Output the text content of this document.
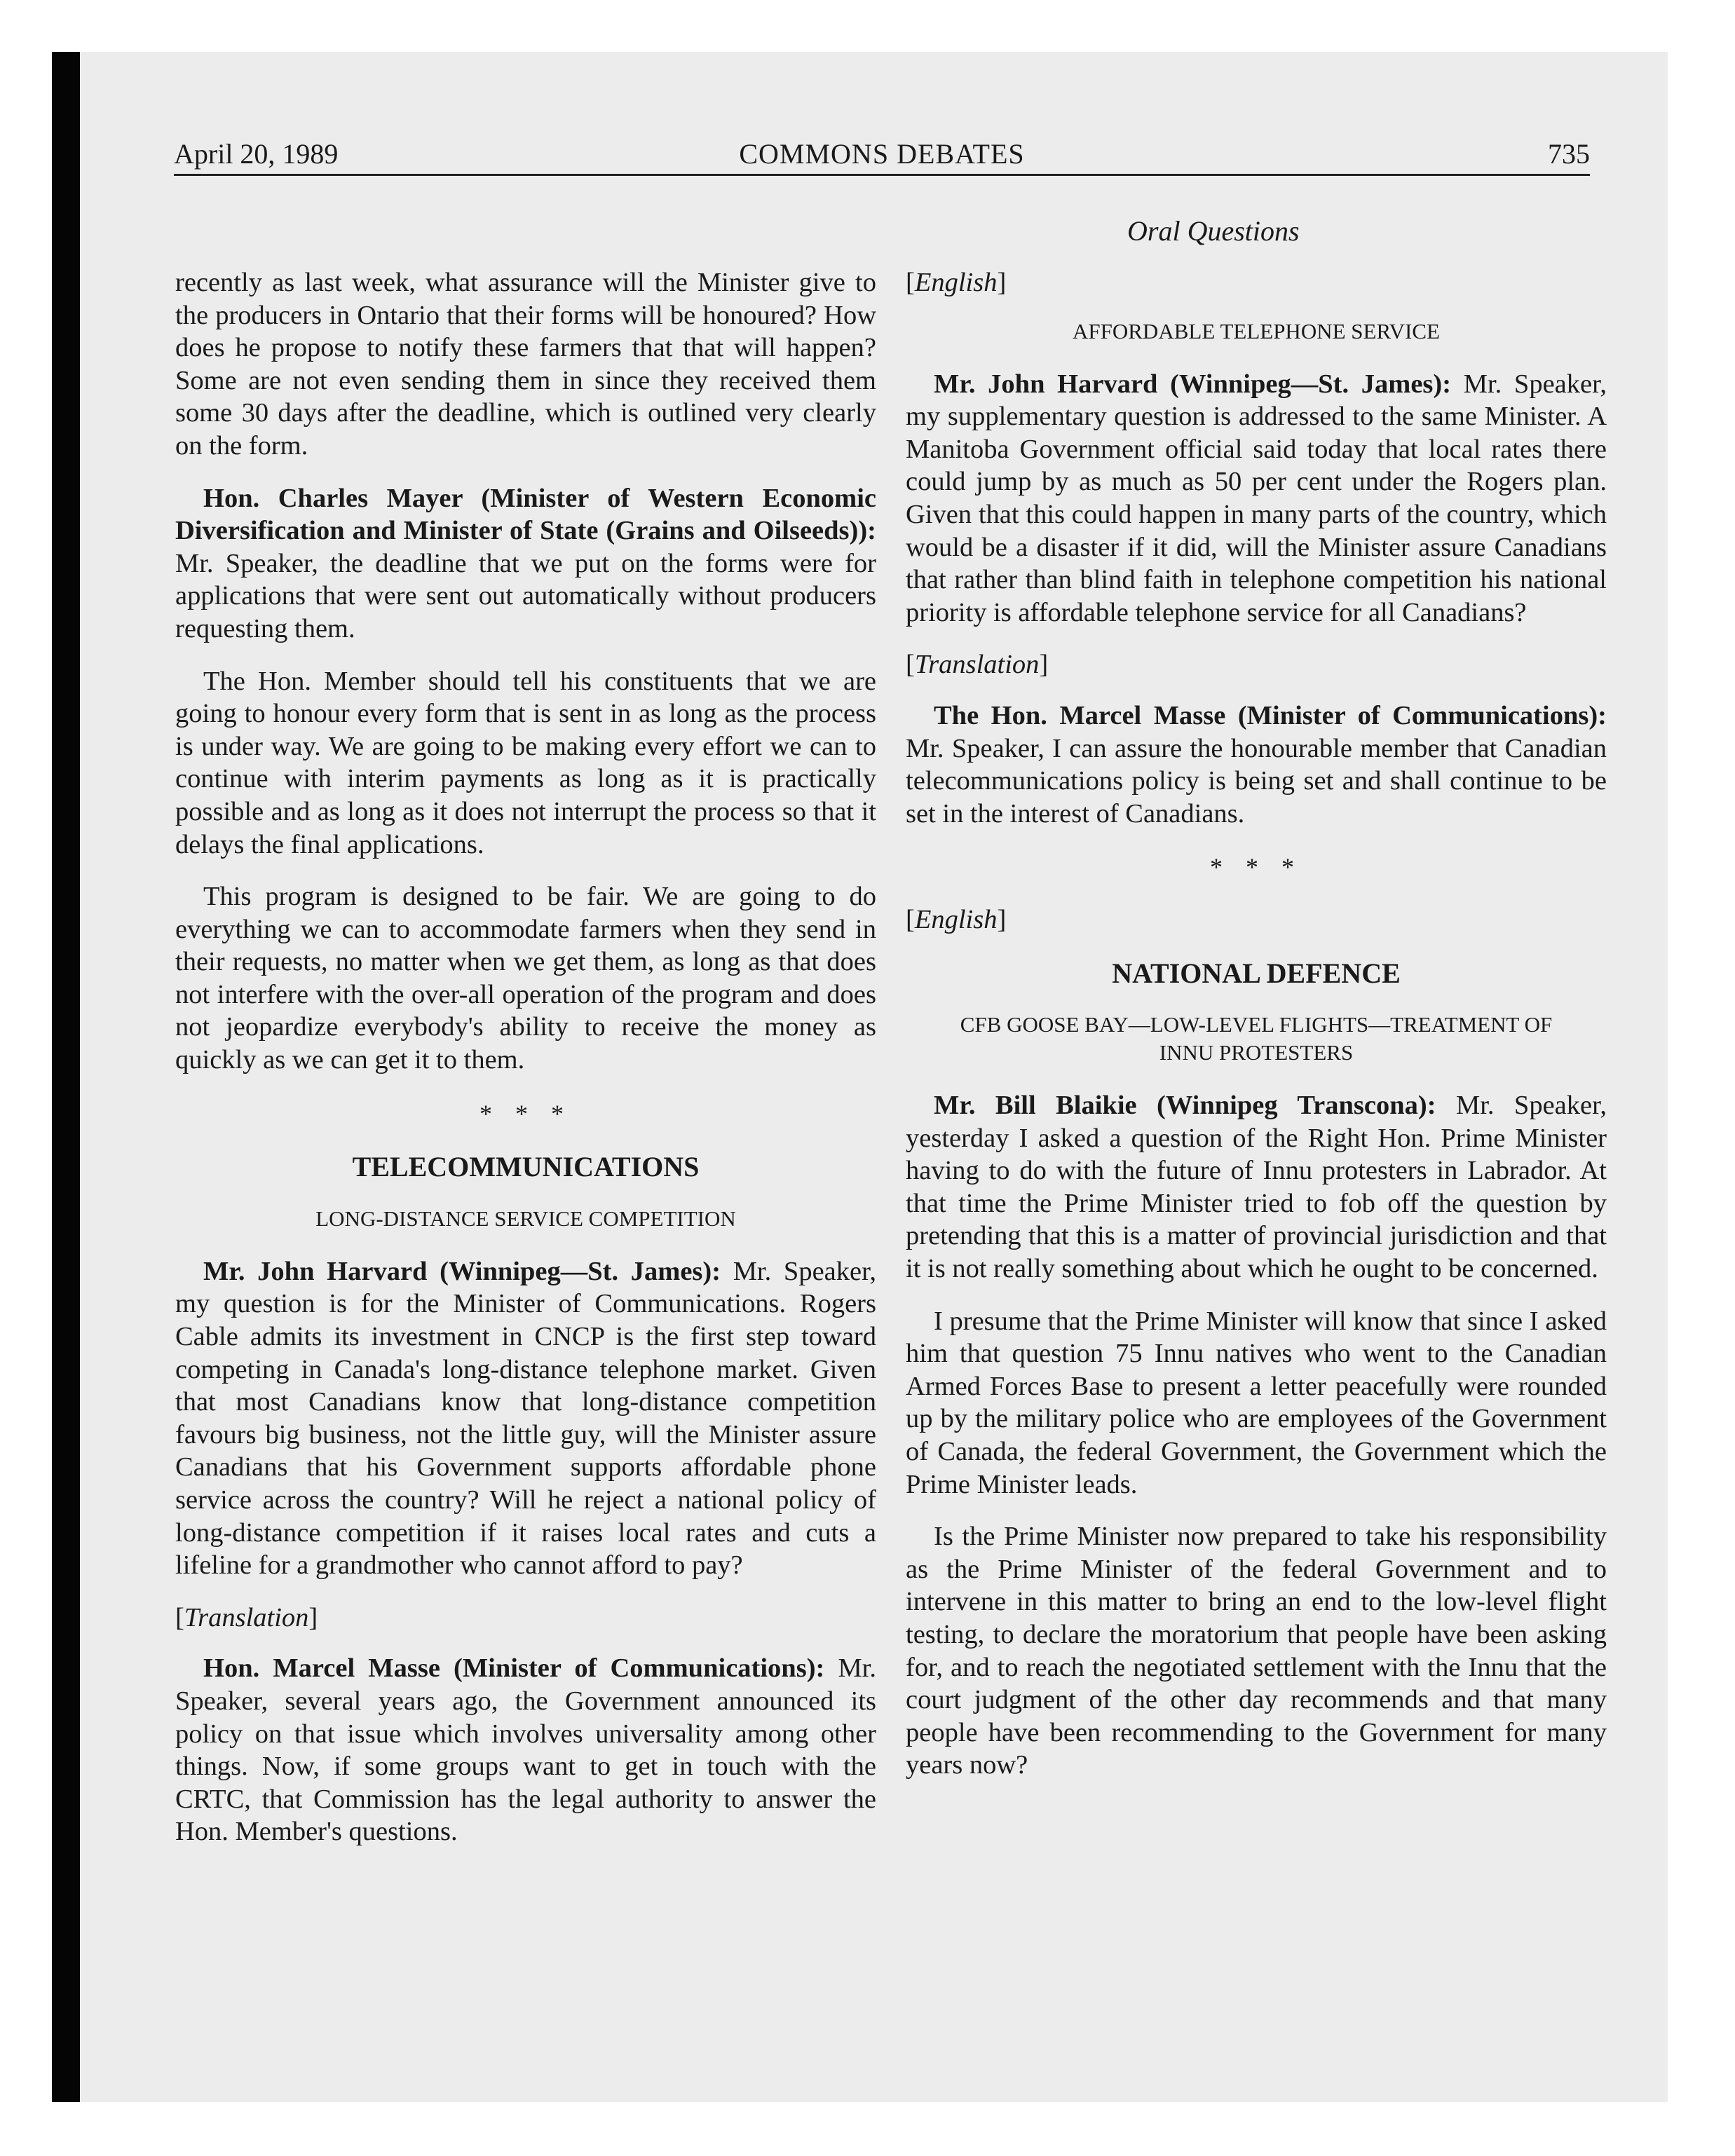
April 20, 1989	COMMONS DEBATES	735
Oral Questions

recently as last week, what assurance will the Minister give to the producers in Ontario that their forms will be honoured? How does he propose to notify these farmers that that will happen? Some are not even sending them in since they received them some 30 days after the deadline, which is outlined very clearly on the form.

Hon. Charles Mayer (Minister of Western Economic Diversification and Minister of State (Grains and Oilseeds)): Mr. Speaker, the deadline that we put on the forms were for applications that were sent out automatically without producers requesting them.

The Hon. Member should tell his constituents that we are going to honour every form that is sent in as long as the process is under way. We are going to be making every effort we can to continue with interim payments as long as it is practically possible and as long as it does not interrupt the process so that it delays the final applications.

This program is designed to be fair. We are going to do everything we can to accommodate farmers when they send in their requests, no matter when we get them, as long as that does not interfere with the over-all operation of the program and does not jeopardize everybody's ability to receive the money as quickly as we can get it to them.

* * *
TELECOMMUNICATIONS
LONG-DISTANCE SERVICE COMPETITION

Mr. John Harvard (Winnipeg—St. James): Mr. Speaker, my question is for the Minister of Communications. Rogers Cable admits its investment in CNCP is the first step toward competing in Canada's long-distance telephone market. Given that most Canadians know that long-distance competition favours big business, not the little guy, will the Minister assure Canadians that his Government supports affordable phone service across the country? Will he reject a national policy of long-distance competition if it raises local rates and cuts a lifeline for a grandmother who cannot afford to pay?

[Translation]

Hon. Marcel Masse (Minister of Communications): Mr. Speaker, several years ago, the Government announced its policy on that issue which involves universality among other things. Now, if some groups want to get in touch with the CRTC, that Commission has the legal authority to answer the Hon. Member's questions.

[English]

AFFORDABLE TELEPHONE SERVICE

Mr. John Harvard (Winnipeg—St. James): Mr. Speaker, my supplementary question is addressed to the same Minister. A Manitoba Government official said today that local rates there could jump by as much as 50 per cent under the Rogers plan. Given that this could happen in many parts of the country, which would be a disaster if it did, will the Minister assure Canadians that rather than blind faith in telephone competition his national priority is affordable telephone service for all Canadians?

[Translation]

The Hon. Marcel Masse (Minister of Communications): Mr. Speaker, I can assure the honourable member that Canadian telecommunications policy is being set and shall continue to be set in the interest of Canadians.

* * *

[English]

NATIONAL DEFENCE
CFB GOOSE BAY—LOW-LEVEL FLIGHTS—TREATMENT OF INNU PROTESTERS

Mr. Bill Blaikie (Winnipeg Transcona): Mr. Speaker, yesterday I asked a question of the Right Hon. Prime Minister having to do with the future of Innu protesters in Labrador. At that time the Prime Minister tried to fob off the question by pretending that this is a matter of provincial jurisdiction and that it is not really something about which he ought to be concerned.

I presume that the Prime Minister will know that since I asked him that question 75 Innu natives who went to the Canadian Armed Forces Base to present a letter peacefully were rounded up by the military police who are employees of the Government of Canada, the federal Government, the Government which the Prime Minister leads.

Is the Prime Minister now prepared to take his responsibility as the Prime Minister of the federal Government and to intervene in this matter to bring an end to the low-level flight testing, to declare the moratorium that people have been asking for, and to reach the negotiated settlement with the Innu that the court judgment of the other day recommends and that many people have been recommending to the Government for many years now?
